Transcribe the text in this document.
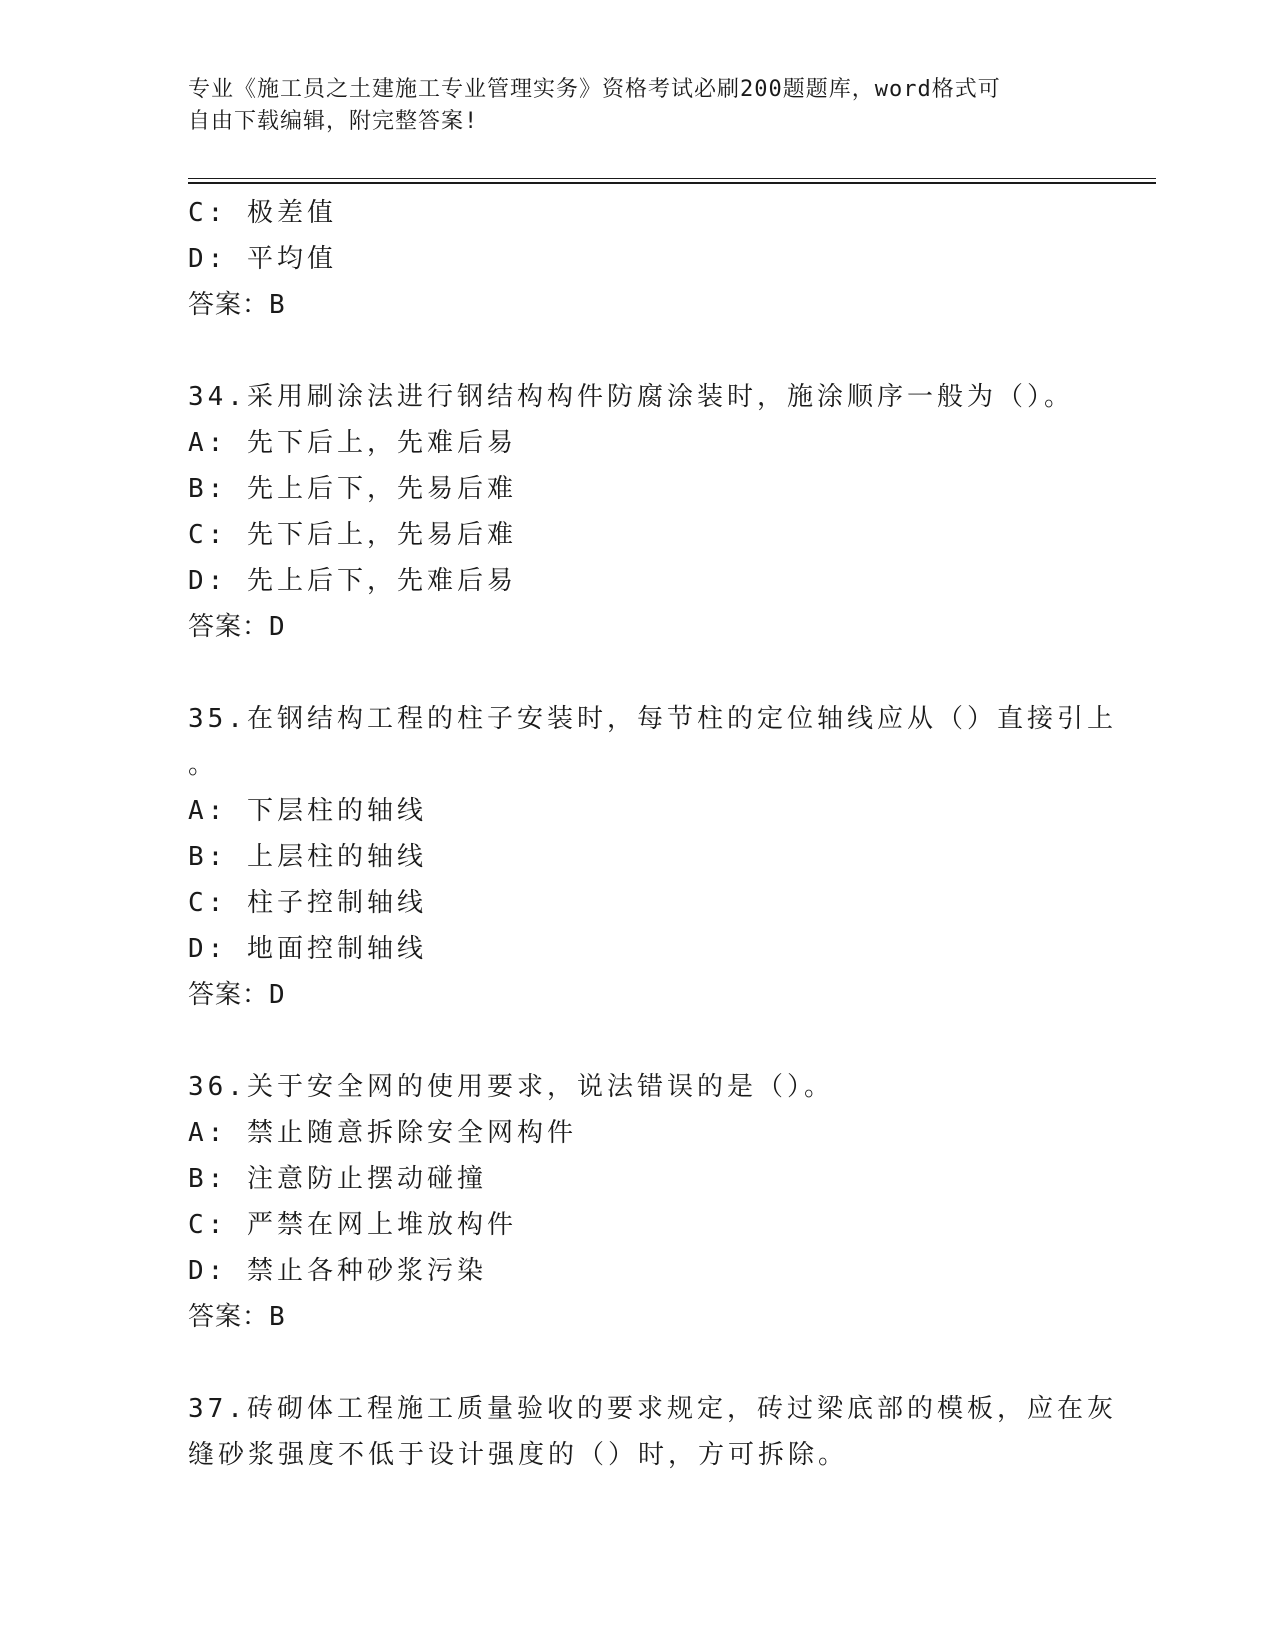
专业《施工员之土建施工专业管理实务》资格考试必刷200题题库，word格式可
自由下载编辑，附完整答案!
C: 极差值
D: 平均值
答案：B
34.采用刷涂法进行钢结构构件防腐涂装时，施涂顺序一般为（）。
A: 先下后上，先难后易
B: 先上后下，先易后难
C: 先下后上，先易后难
D: 先上后下，先难后易
答案：D
35.在钢结构工程的柱子安装时，每节柱的定位轴线应从（）直接引上
。
A: 下层柱的轴线
B: 上层柱的轴线
C: 柱子控制轴线
D: 地面控制轴线
答案：D
36.关于安全网的使用要求，说法错误的是（）。
A: 禁止随意拆除安全网构件
B: 注意防止摆动碰撞
C: 严禁在网上堆放构件
D: 禁止各种砂浆污染
答案：B
37.砖砌体工程施工质量验收的要求规定，砖过梁底部的模板，应在灰
缝砂浆强度不低于设计强度的（）时，方可拆除。
